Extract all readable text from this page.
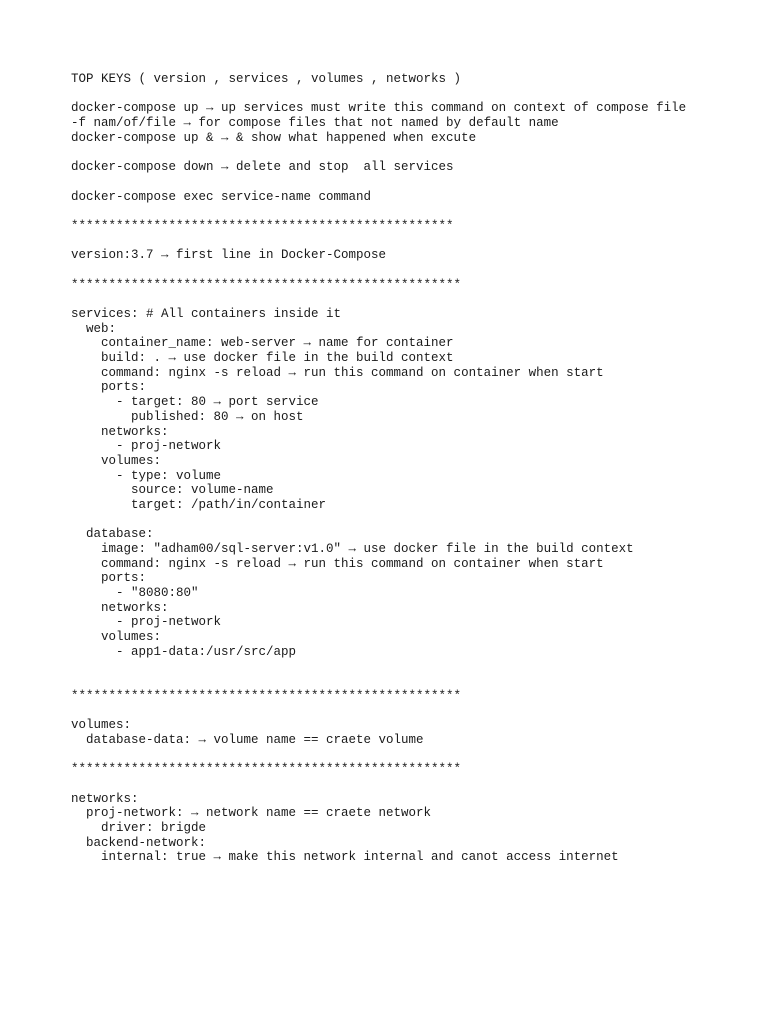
TOP KEYS ( version , services , volumes , networks )
docker-compose up → up services must write this command on context of compose file
-f nam/of/file → for compose files that not named by default name
docker-compose up & → & show what happened when excute
docker-compose down → delete and stop  all services
docker-compose exec service-name command
***************************************************
version:3.7 → first line in Docker-Compose
****************************************************
services: # All containers inside it
web:
container_name: web-server → name for container
build: . → use docker file in the build context
command: nginx -s reload → run this command on container when start
ports:
- target: 80 → port service
published: 80 → on host
networks:
- proj-network
volumes:
- type: volume
source: volume-name
target: /path/in/container
database:
image: "adham00/sql-server:v1.0" → use docker file in the build context
command: nginx -s reload → run this command on container when start
ports:
- "8080:80"
networks:
- proj-network
volumes:
- app1-data:/usr/src/app
****************************************************
volumes:
database-data: → volume name == craete volume
****************************************************
networks:
proj-network: → network name == craete network
driver: brigde
backend-network:
internal: true → make this network internal and canot access internet
